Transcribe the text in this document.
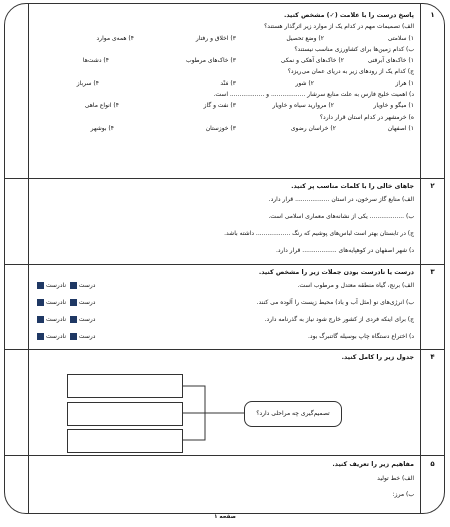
۱
پاسخ درست را با علامت (✓) مشخص کنید.
الف) تصمیمات مهم در کدام یک از موارد زیر اثرگذار هستند؟
۱) سلامتی
۲) وضع تحصیل
۳) اخلاق و رفتار
۴) همه‌ی موارد
ب) کدام زمین‌ها برای کشاورزی مناسب نیستند؟
۱) خاک‌های آبرفتی
۲) خاک‌های آهکی و نمکی
۳) خاک‌های مرطوب
۴) دشت‌ها
ج) کدام یک از رودهای زیر به دریای عمان می‌ریزد؟
۱) هراز
۲) شور
۳) مَنْد
۴) سرباز
د) اهمیت خلیج فارس به علت منابع سرشار .................. و .................. است.
۱) میگو و خاویار
۲) مروارید سیاه و خاویار
۳) نفت و گاز
۴) انواع ماهی
ه) خرمشهر در کدام استان قرار دارد؟
۱) اصفهان
۲) خراسان رضوی
۳) خوزستان
۴) بوشهر
۲
جاهای خالی را با کلمات مناسب پر کنید.
الف) منابع گاز سرخون، در استان .................. قرار دارد.
ب) .................. یکی از نشانه‌های معماری اسلامی است.
ج) در تابستان بهتر است لباس‌های پوشیم که رنگ .................. داشته باشد.
د) شهر اصفهان در کوهپایه‌های .................. قرار دارد.
۳
درست یا نادرست بودن جملات زیر را مشخص کنید.
الف) برنج، گیاه منطقه معتدل و مرطوب است.
درست نادرست
ب) انرژی‌های نو (مثل آب و باد) محیط زیست را آلوده می کنند.
درست نادرست
ج) برای اینکه فردی از کشور خارج شود نیاز به گذرنامه دارد.
درست نادرست
د) اختراع دستگاه چاپ بوسیله گاتنبرگ بود.
درست نادرست
۴
جدول زیر را کامل کنید.
تصمیم‌گیری چه مراحلی دارد؟
۵
مفاهیم زیر را تعریف کنید.
الف) خط تولید
ب) مرز:
صفحه ۱
